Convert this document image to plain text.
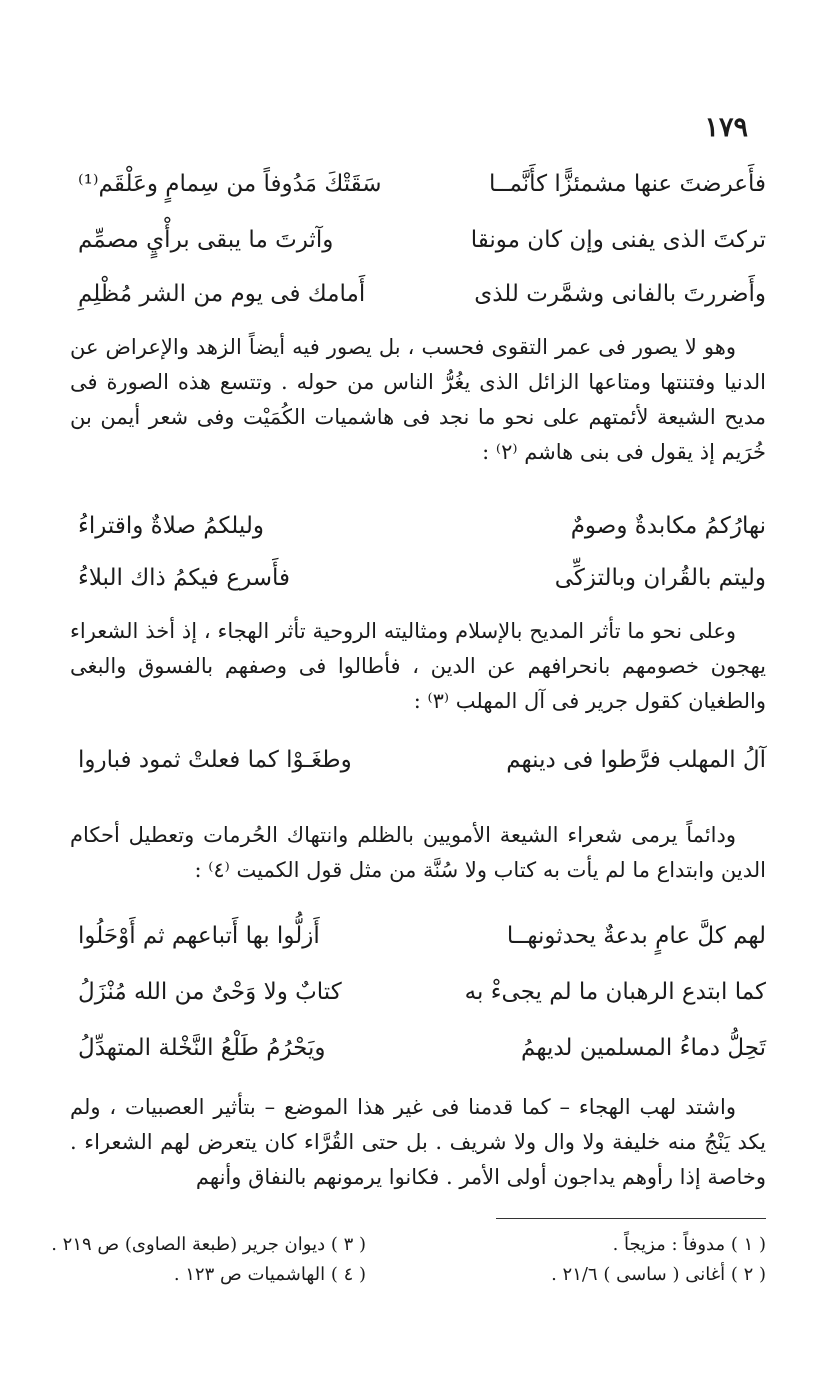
١٧٩
فأَعرضتَ عنها مشمئزًّا كأَنَّمــا
سَقَتْكَ مَدُوفاً من سِمامٍ وعَلْقَم⁽¹⁾
تركتَ الذى يفنى وإن كان مونقا
وآثرتَ ما يبقى برأْيٍ مصمِّم
وأَضررتَ بالفانى وشمَّرت للذى
أَمامك فى يوم من الشر مُظْلِمِ

وهو لا يصور فى عمر التقوى فحسب ، بل يصور فيه أيضاً الزهد والإعراض عن الدنيا وفتنتها ومتاعها الزائل الذى يغُرُّ الناس من حوله . وتتسع هذه الصورة فى مديح الشيعة لأئمتهم على نحو ما نجد فى هاشميات الكُمَيْت وفى شعر أيمن بن خُرَيم إذ يقول فى بنى هاشم ⁽٢⁾ :

نهارُكمُ مكابدةٌ وصومٌ
وليلكمُ صلاةٌ واقتراءُ
وليتم بالقُران وبالتزكِّى
فأَسرع فيكمُ ذاك البلاءُ

وعلى نحو ما تأثر المديح بالإسلام ومثاليته الروحية تأثر الهجاء ، إذ أخذ الشعراء يهجون خصومهم بانحرافهم عن الدين ، فأطالوا فى وصفهم بالفسوق والبغى والطغيان كقول جرير فى آل المهلب ⁽٣⁾ :

آلُ المهلب فرَّطوا فى دينهم
وطغَـوْا كما فعلتْ ثمود فباروا

ودائماً يرمى شعراء الشيعة الأمويين بالظلم وانتهاك الحُرمات وتعطيل أحكام الدين وابتداع ما لم يأت به كتاب ولا سُنَّة من مثل قول الكميت ⁽٤⁾ :

لهم كلَّ عامٍ بدعةٌ يحدثونهــا
أَزلُّوا بها أَتباعهم ثم أَوْحَلُوا
كما ابتدع الرهبان ما لم يجىءْ به
كتابٌ ولا وَحْىٌ من الله مُنْزَلُ
تَحِلُّ دماءُ المسلمين لديهمُ
ويَحْرُمُ طَلْعُ النَّخْلة المتهدِّلُ

واشتد لهب الهجاء – كما قدمنا فى غير هذا الموضع – بتأثير العصبيات ، ولم يكد يَنْجُ منه خليفة ولا وال ولا شريف . بل حتى القُرَّاء كان يتعرض لهم الشعراء . وخاصة إذا رأوهم يداجون أولى الأمر . فكانوا يرمونهم بالنفاق وأنهم

( ١ ) مدوفاً : مزيجاً .
( ٣ ) ديوان جرير (طبعة الصاوى) ص ٢١٩ .
( ٢ ) أغانى ( ساسى ) ٢١/٦ .
( ٤ ) الهاشميات ص ١٢٣ .
